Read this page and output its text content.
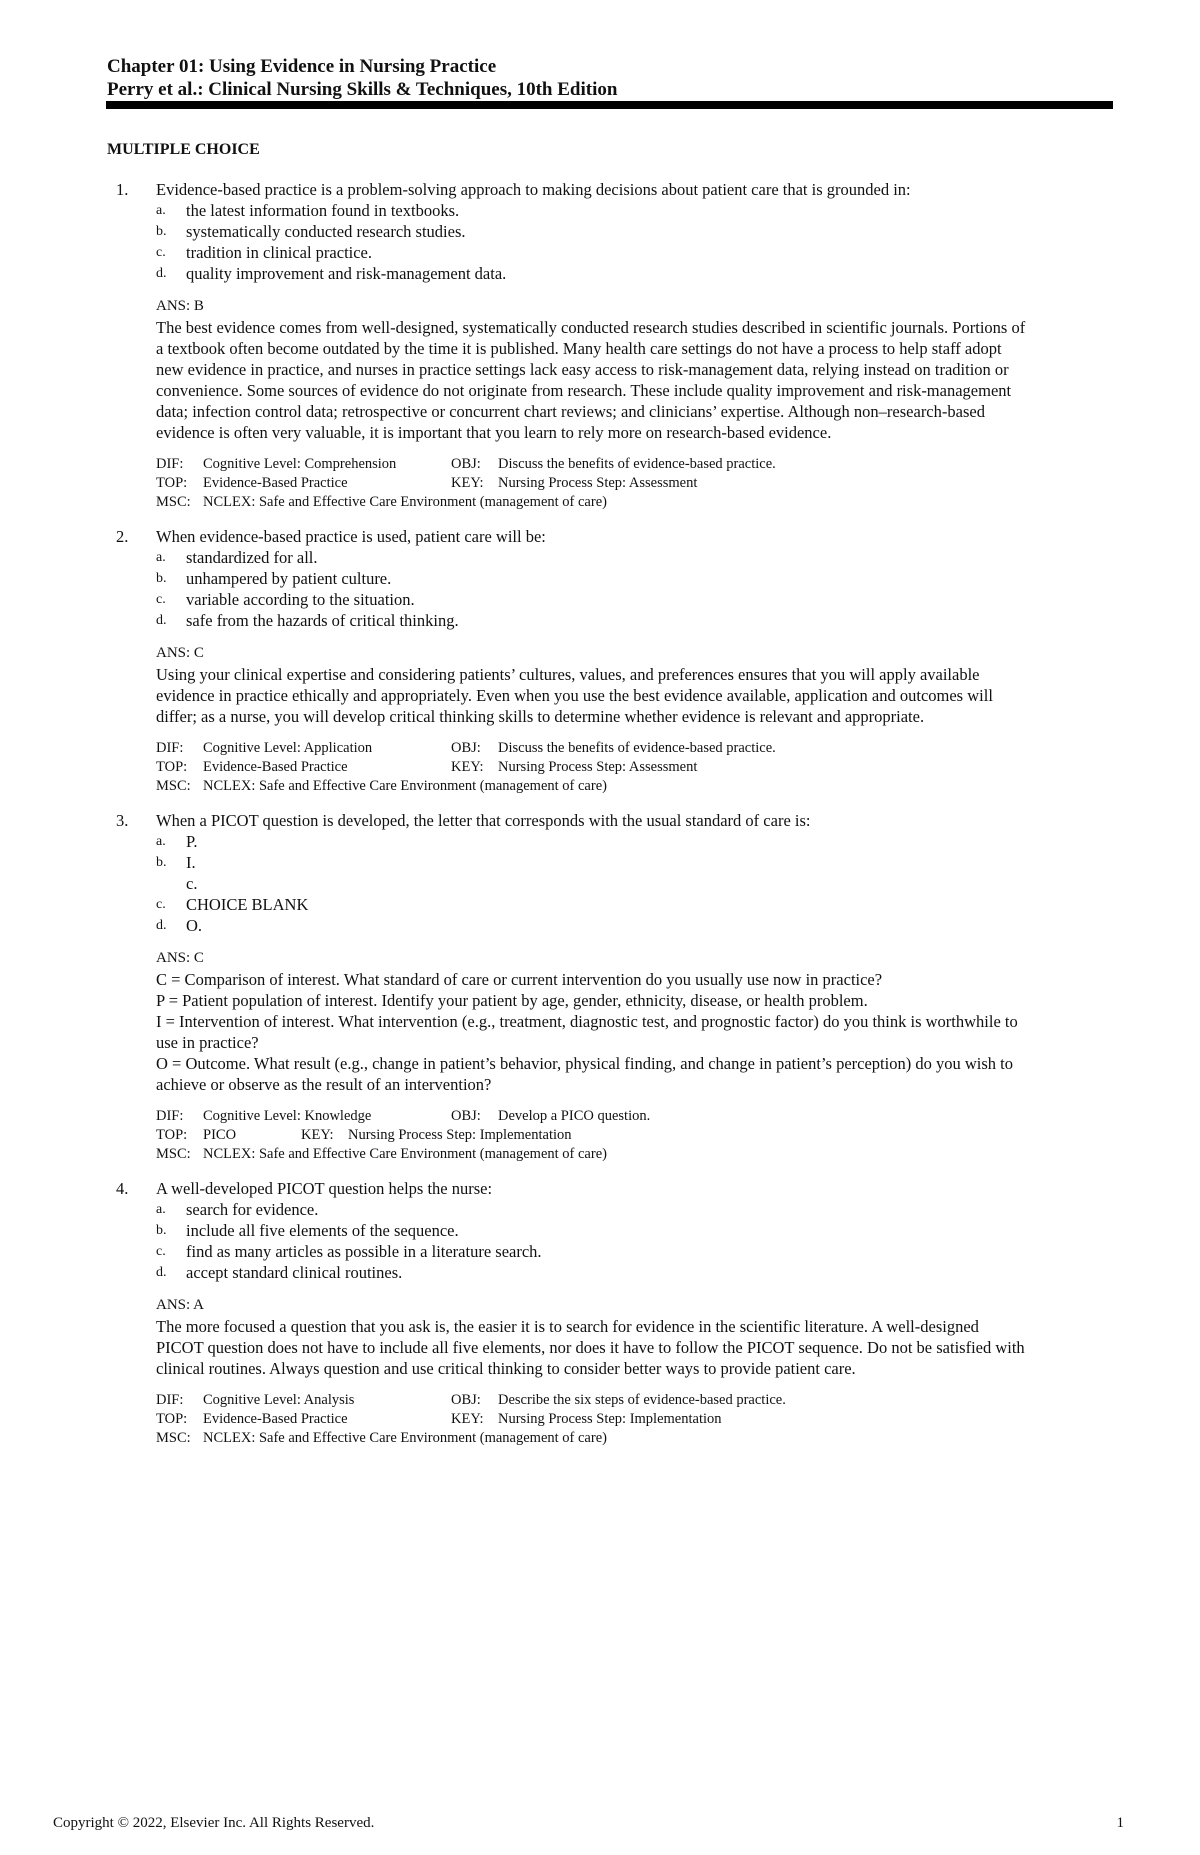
Chapter 01: Using Evidence in Nursing Practice
Perry et al.: Clinical Nursing Skills & Techniques, 10th Edition
MULTIPLE CHOICE
1. Evidence-based practice is a problem-solving approach to making decisions about patient care that is grounded in:
a. the latest information found in textbooks.
b. systematically conducted research studies.
c. tradition in clinical practice.
d. quality improvement and risk-management data.
ANS: B
The best evidence comes from well-designed, systematically conducted research studies described in scientific journals. Portions of
a textbook often become outdated by the time it is published. Many health care settings do not have a process to help staff adopt
new evidence in practice, and nurses in practice settings lack easy access to risk-management data, relying instead on tradition or
convenience. Some sources of evidence do not originate from research. These include quality improvement and risk-management
data; infection control data; retrospective or concurrent chart reviews; and clinicians’ expertise. Although non–research-based
evidence is often very valuable, it is important that you learn to rely more on research-based evidence.
DIF: Cognitive Level: Comprehension	OBJ: Discuss the benefits of evidence-based practice.
TOP: Evidence-Based Practice	KEY: Nursing Process Step: Assessment
MSC: NCLEX: Safe and Effective Care Environment (management of care)
2. When evidence-based practice is used, patient care will be:
a. standardized for all.
b. unhampered by patient culture.
c. variable according to the situation.
d. safe from the hazards of critical thinking.
ANS: C
Using your clinical expertise and considering patients’ cultures, values, and preferences ensures that you will apply available
evidence in practice ethically and appropriately. Even when you use the best evidence available, application and outcomes will
differ; as a nurse, you will develop critical thinking skills to determine whether evidence is relevant and appropriate.
DIF: Cognitive Level: Application	OBJ: Discuss the benefits of evidence-based practice.
TOP: Evidence-Based Practice	KEY: Nursing Process Step: Assessment
MSC: NCLEX: Safe and Effective Care Environment (management of care)
3. When a PICOT question is developed, the letter that corresponds with the usual standard of care is:
a. P.
b. I.
c.
c. CHOICE BLANK
d. O.
ANS: C
C = Comparison of interest. What standard of care or current intervention do you usually use now in practice?
P = Patient population of interest. Identify your patient by age, gender, ethnicity, disease, or health problem.
I = Intervention of interest. What intervention (e.g., treatment, diagnostic test, and prognostic factor) do you think is worthwhile to
use in practice?
O = Outcome. What result (e.g., change in patient’s behavior, physical finding, and change in patient’s perception) do you wish to
achieve or observe as the result of an intervention?
DIF: Cognitive Level: Knowledge	OBJ: Develop a PICO question.
TOP: PICO	KEY: Nursing Process Step: Implementation
MSC: NCLEX: Safe and Effective Care Environment (management of care)
4. A well-developed PICOT question helps the nurse:
a. search for evidence.
b. include all five elements of the sequence.
c. find as many articles as possible in a literature search.
d. accept standard clinical routines.
ANS: A
The more focused a question that you ask is, the easier it is to search for evidence in the scientific literature. A well-designed
PICOT question does not have to include all five elements, nor does it have to follow the PICOT sequence. Do not be satisfied with
clinical routines. Always question and use critical thinking to consider better ways to provide patient care.
DIF: Cognitive Level: Analysis	OBJ: Describe the six steps of evidence-based practice.
TOP: Evidence-Based Practice	KEY: Nursing Process Step: Implementation
MSC: NCLEX: Safe and Effective Care Environment (management of care)
Copyright © 2022, Elsevier Inc. All Rights Reserved.	1
